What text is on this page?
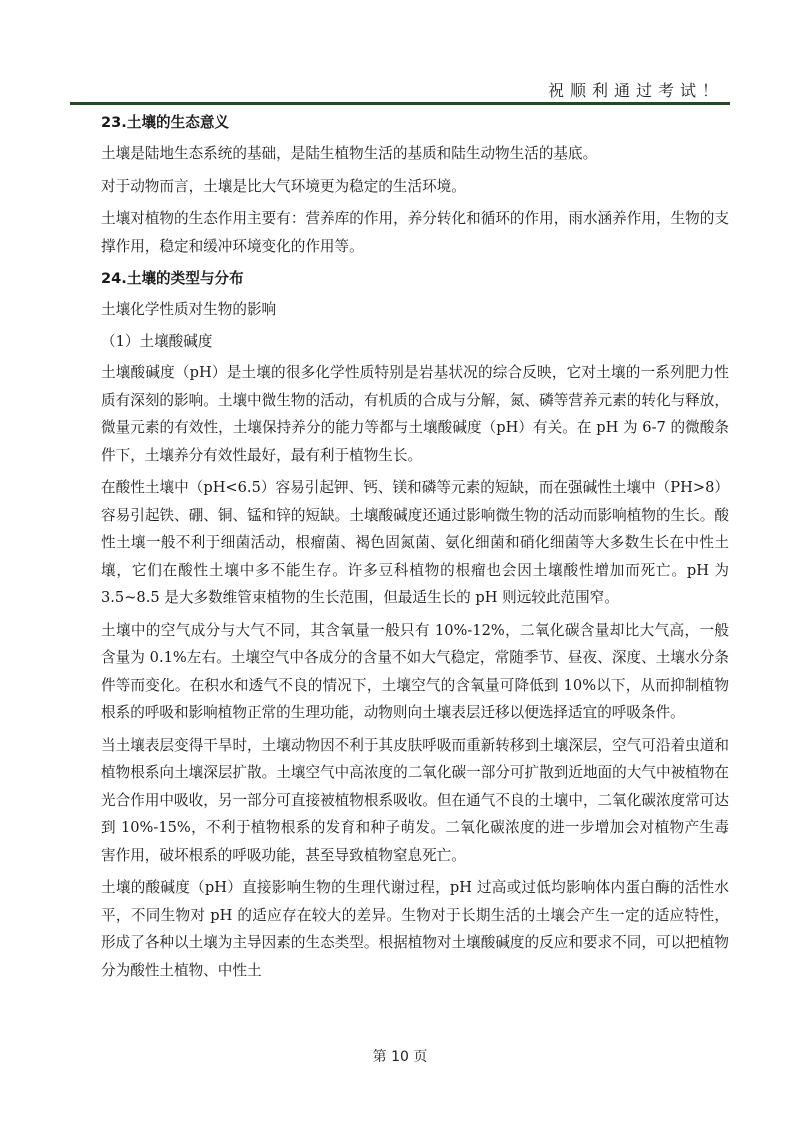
祝顺利通过考试！

23.土壤的生态意义

土壤是陆地生态系统的基础，是陆生植物生活的基质和陆生动物生活的基底。

对于动物而言，土壤是比大气环境更为稳定的生活环境。

土壤对植物的生态作用主要有：营养库的作用，养分转化和循环的作用，雨水涵养作用，生物的支撑作用，稳定和缓冲环境变化的作用等。

24.土壤的类型与分布

土壤化学性质对生物的影响

（1）土壤酸碱度

土壤酸碱度（pH）是土壤的很多化学性质特别是岩基状况的综合反映，它对土壤的一系列肥力性质有深刻的影响。土壤中微生物的活动，有机质的合成与分解，氮、磷等营养元素的转化与释放，微量元素的有效性，土壤保持养分的能力等都与土壤酸碱度（pH）有关。在 pH 为 6-7 的微酸条件下，土壤养分有效性最好，最有利于植物生长。

在酸性土壤中（pH<6.5）容易引起钾、钙、镁和磷等元素的短缺，而在强碱性土壤中（PH>8）容易引起铁、硼、铜、锰和锌的短缺。土壤酸碱度还通过影响微生物的活动而影响植物的生长。酸性土壤一般不利于细菌活动，根瘤菌、褐色固氮菌、氨化细菌和硝化细菌等大多数生长在中性土壤，它们在酸性土壤中多不能生存。许多豆科植物的根瘤也会因土壤酸性增加而死亡。pH 为 3.5~8.5 是大多数维管束植物的生长范围，但最适生长的 pH 则远较此范围窄。

土壤中的空气成分与大气不同，其含氧量一般只有 10%-12%，二氧化碳含量却比大气高，一般含量为 0.1%左右。土壤空气中各成分的含量不如大气稳定，常随季节、昼夜、深度、土壤水分条件等而变化。在积水和透气不良的情况下，土壤空气的含氧量可降低到 10%以下，从而抑制植物根系的呼吸和影响植物正常的生理功能，动物则向土壤表层迁移以便选择适宜的呼吸条件。

当土壤表层变得干旱时，土壤动物因不利于其皮肤呼吸而重新转移到土壤深层，空气可沿着虫道和植物根系向土壤深层扩散。土壤空气中高浓度的二氧化碳一部分可扩散到近地面的大气中被植物在光合作用中吸收，另一部分可直接被植物根系吸收。但在通气不良的土壤中，二氧化碳浓度常可达到 10%-15%，不利于植物根系的发育和种子萌发。二氧化碳浓度的进一步增加会对植物产生毒害作用，破坏根系的呼吸功能，甚至导致植物窒息死亡。

土壤的酸碱度（pH）直接影响生物的生理代谢过程，pH 过高或过低均影响体内蛋白酶的活性水平，不同生物对 pH 的适应存在较大的差异。生物对于长期生活的土壤会产生一定的适应特性，形成了各种以土壤为主导因素的生态类型。根据植物对土壤酸碱度的反应和要求不同，可以把植物分为酸性土植物、中性土

第 10 页
